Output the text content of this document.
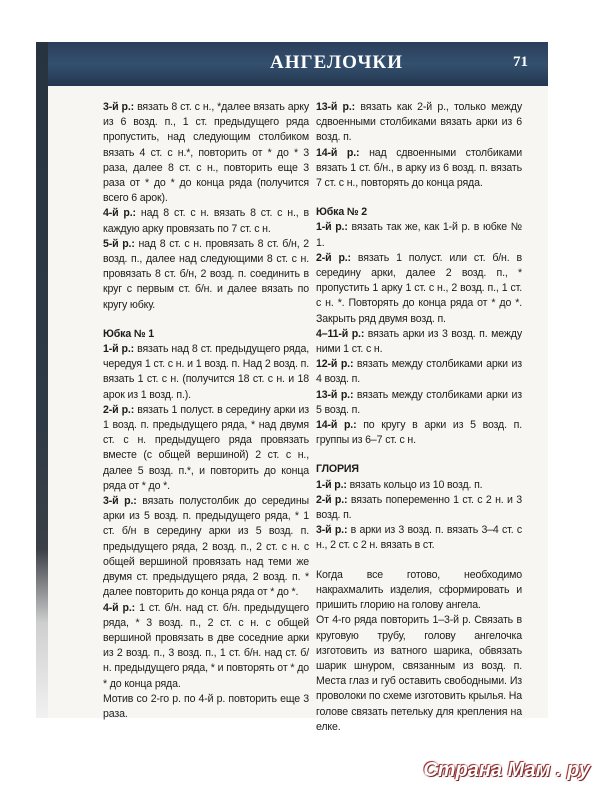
АНГЕЛОЧКИ	71

3-й р.: вязать 8 ст. с н., *далее вязать арку из 6 возд. п., 1 ст. предыдущего ряда пропустить, над следующим столбиком вязать 4 ст. с н.*, повторить от * до * 3 раза, далее 8 ст. с н., повторить еще 3 раза от * до * до конца ряда (получится всего 6 арок).

4-й р.: над 8 ст. с н. вязать 8 ст. с н., в каждую арку провязать по 7 ст. с н.

5-й р.: над 8 ст. с н. провязать 8 ст. б/н, 2 возд. п., далее над следующими 8 ст. с н. провязать 8 ст. б/н, 2 возд. п. соединить в круг с первым ст. б/н. и далее вязать по кругу юбку.

Юбка № 1

1-й р.: вязать над 8 ст. предыдущего ряда, чередуя 1 ст. с н. и 1 возд. п. Над 2 возд. п. вязать 1 ст. с н. (получится 18 ст. с н. и 18 арок из 1 возд. п.).

2-й р.: вязать 1 полуст. в середину арки из 1 возд. п. предыдущего ряда, * над двумя ст. с н. предыдущего ряда провязать вместе (с общей вершиной) 2 ст. с н., далее 5 возд. п.*, и повторить до конца ряда от * до *.

3-й р.: вязать полустолбик до середины арки из 5 возд. п. предыдущего ряда, * 1 ст. б/н в середину арки из 5 возд. п. предыдущего ряда, 2 возд. п., 2 ст. с н. с общей вершиной провязать над теми же двумя ст. предыдущего ряда, 2 возд. п. * далее повторить до конца ряда от * до *.

4-й р.: 1 ст. б/н. над ст. б/н. предыдущего ряда, * 3 возд. п., 2 ст. с н. с общей вершиной провязать в две соседние арки из 2 возд. п., 3 возд. п., 1 ст. б/н. над ст. б/н. предыдущего ряда, * и повторять от * до * до конца ряда.

Мотив со 2-го р. по 4-й р. повторить еще 3 раза.

13-й р.: вязать как 2-й р., только между сдвоенными столбиками вязать арки из 6 возд. п.

14-й р.: над сдвоенными столбиками вязать 1 ст. б/н., в арку из 6 возд. п. вязать 7 ст. с н., повторять до конца ряда.

Юбка № 2

1-й р.: вязать так же, как 1-й р. в юбке № 1.

2-й р.: вязать 1 полуст. или ст. б/н. в середину арки, далее 2 возд. п., * пропустить 1 арку 1 ст. с н., 2 возд. п., 1 ст. с н. *. Повторять до конца ряда от * до *. Закрыть ряд двумя возд. п.

4–11-й р.: вязать арки из 3 возд. п. между ними 1 ст. с н.

12-й р.: вязать между столбиками арки из 4 возд. п.

13-й р.: вязать между столбиками арки из 5 возд. п.

14-й р.: по кругу в арки из 5 возд. п. группы из 6–7 ст. с н.

ГЛОРИЯ

1-й р.: вязать кольцо из 10 возд. п.

2-й р.: вязать попеременно 1 ст. с 2 н. и 3 возд. п.

3-й р.: в арки из 3 возд. п. вязать 3–4 ст. с н., 2 ст. с 2 н. вязать в ст.

Когда все готово, необходимо накрахмалить изделия, сформировать и пришить глорию на голову ангела.

От 4-го ряда повторить 1–3-й р. Связать в круговую трубу, голову ангелочка изготовить из ватного шарика, обвязать шарик шнуром, связанным из возд. п. Места глаз и губ оставить свободными. Из проволоки по схеме изготовить крылья. На голове связать петельку для крепления на елке.

Страна Мам . ру
